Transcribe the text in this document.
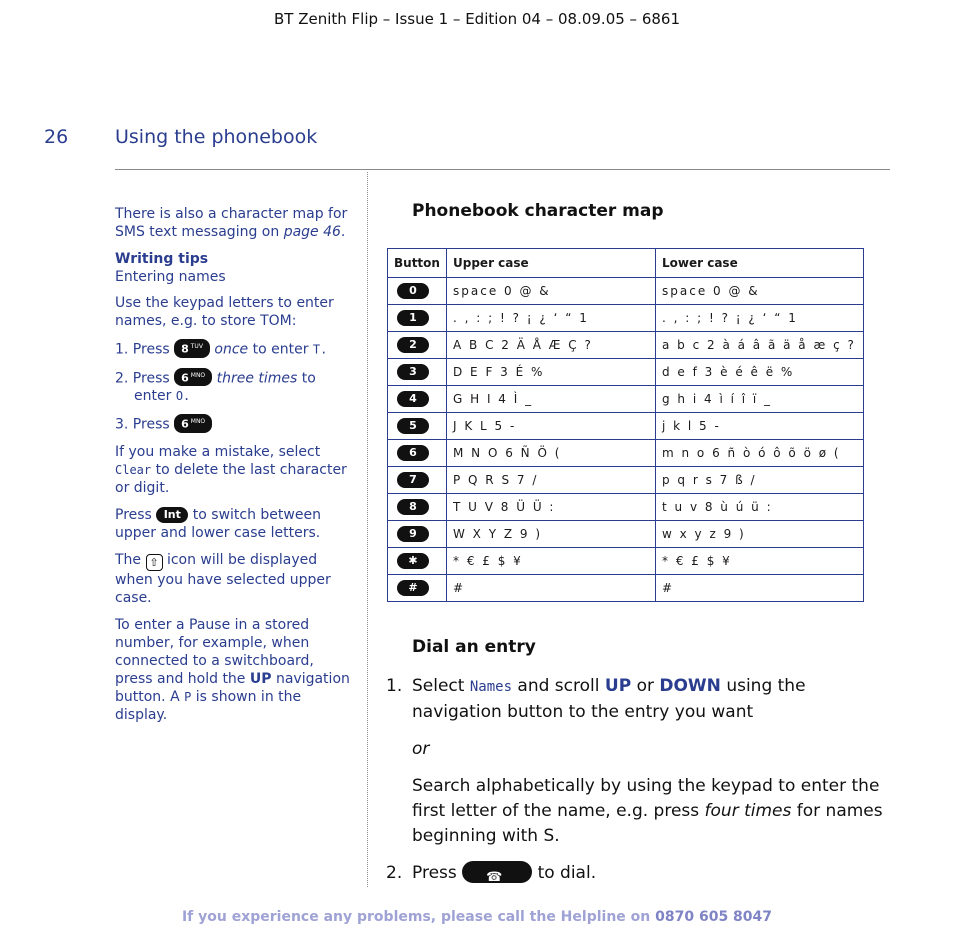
BT Zenith Flip – Issue 1 – Edition 04 – 08.09.05 – 6861
26 Using the phonebook

There is also a character map for SMS text messaging on page 46.

Writing tips
Entering names

Use the keypad letters to enter names, e.g. to store TOM:

1. Press 8 $^{TUV}$ once to enter T.

2. Press 6 $^{MNO}$ three times to
enter O.

3. Press 6 $^{MNO}$

If you make a mistake, select Clear to delete the last character or digit.

Press Int to switch between upper and lower case letters.

The ⇧ icon will be displayed when you have selected upper case.

To enter a Pause in a stored number, for example, when connected to a switchboard, press and hold the UP navigation button. A P is shown in the display.

Phonebook character map
Button	Upper case	Lower case
0	space 0 @ &	space 0 @ &
1	. , : ; ! ? ¡ ¿ ‘ “ 1	. , : ; ! ? ¡ ¿ ‘ “ 1
2	A B C 2 Ä Å Æ Ç ?	a b c 2 à á â ã ä å æ ç ?
3	D E F 3 É %	d e f 3 è é ê ë %
4	G H I 4 Ì _	g h i 4 ì í î ï _
5	J K L 5 -	j k l 5 -
6	M N O 6 Ñ Ö (	m n o 6 ñ ò ó ô õ ö ø (
7	P Q R S 7 /	p q r s 7 ß /
8	T U V 8 Ü Ü :	t u v 8 ù ú ü :
9	W X Y Z 9 )	w x y z 9 )
✱	* € £ $ ¥	* € £ $ ¥
#	#	#
Dial an entry
1. Select Names and scroll UP or DOWN using the navigation button to the entry you want
or
Search alphabetically by using the keypad to enter the first letter of the name, e.g. press four times for names beginning with S.
2. Press ☎ to dial.
If you experience any problems, please call the Helpline on 0870 605 8047
